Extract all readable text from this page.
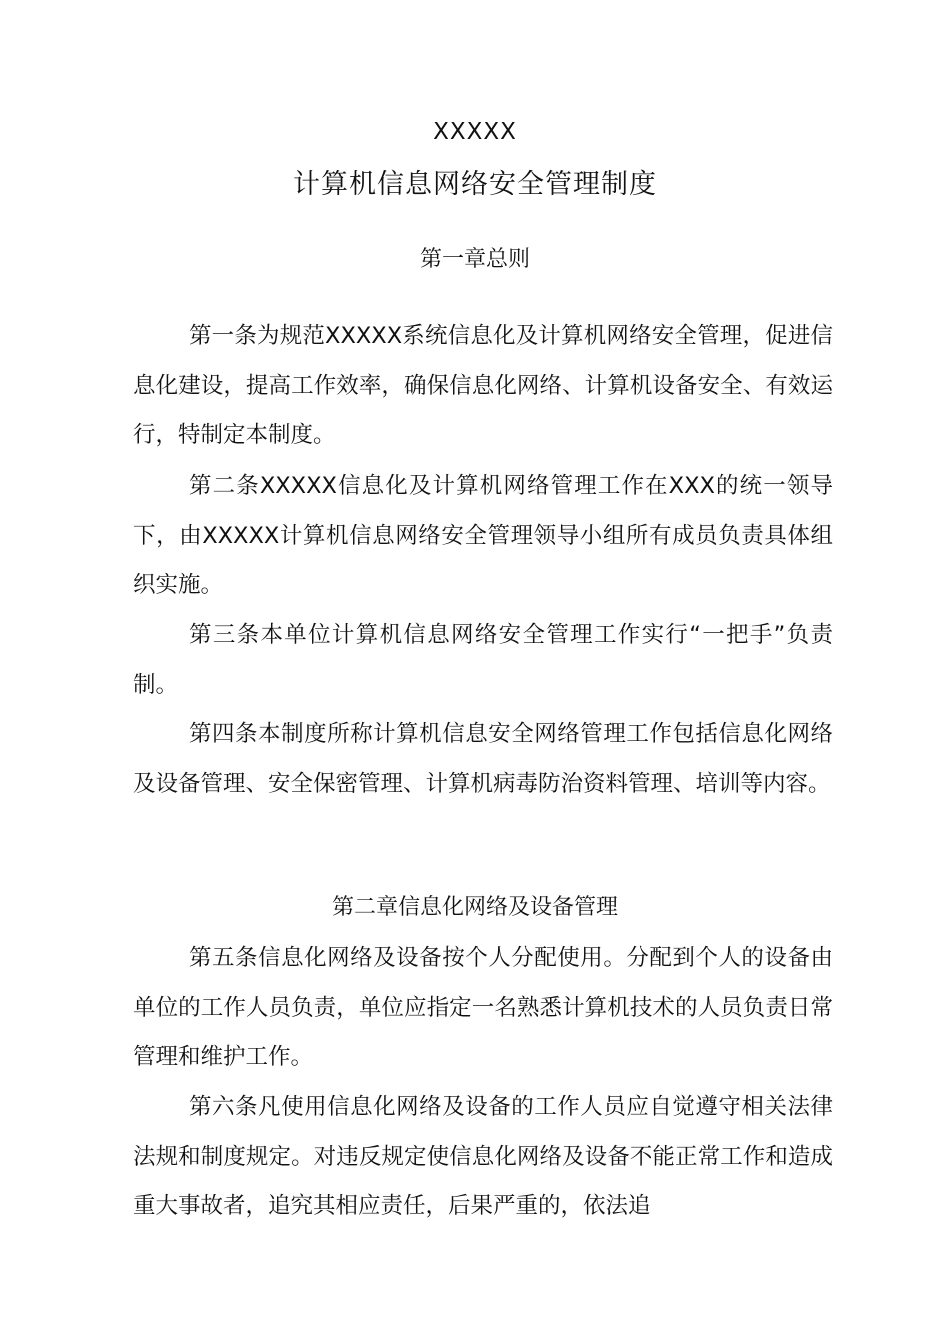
XXXXX
计算机信息网络安全管理制度
第一章总则

第一条为规范XXXXX系统信息化及计算机网络安全管理，促进信息化建设，提高工作效率，确保信息化网络、计算机设备安全、有效运行，特制定本制度。

第二条XXXXX信息化及计算机网络管理工作在XXX的统一领导下，由XXXXX计算机信息网络安全管理领导小组所有成员负责具体组织实施。

第三条本单位计算机信息网络安全管理工作实行“一把手”负责制。

第四条本制度所称计算机信息安全网络管理工作包括信息化网络及设备管理、安全保密管理、计算机病毒防治资料管理、培训等内容。

第二章信息化网络及设备管理

第五条信息化网络及设备按个人分配使用。分配到个人的设备由单位的工作人员负责，单位应指定一名熟悉计算机技术的人员负责日常管理和维护工作。

第六条凡使用信息化网络及设备的工作人员应自觉遵守相关法律法规和制度规定。对违反规定使信息化网络及设备不能正常工作和造成重大事故者，追究其相应责任，后果严重的，依法追
